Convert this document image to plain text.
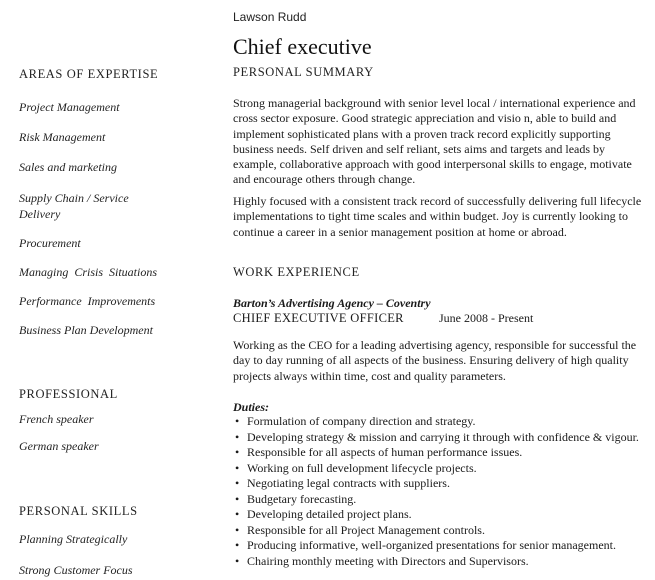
Lawson Rudd
Chief executive
AREAS OF EXPERTISE
Project Management
Risk Management
Sales and marketing
Supply Chain / Service Delivery
Procurement
Managing  Crisis  Situations
Performance  Improvements
Business Plan Development
PROFESSIONAL
French speaker
German speaker
PERSONAL SKILLS
Planning Strategically
Strong Customer Focus
PERSONAL SUMMARY
Strong managerial background with senior level local / international experience and cross sector exposure. Good strategic appreciation and visio n, able to build and implement sophisticated plans with a proven track record explicitly supporting business needs. Self driven and self reliant, sets aims and targets and leads by example, collaborative approach with good interpersonal skills to engage, motivate and encourage others through change.
Highly focused with a consistent track record of successfully delivering full lifecycle implementations to tight time scales and within budget. Joy is currently looking to continue a career in a senior management position at home or abroad.
WORK EXPERIENCE
Barton’s Advertising Agency – Coventry
CHIEF EXECUTIVE OFFICER	June 2008 - Present
Working as the CEO for a leading advertising agency, responsible for successful the day to day running of all aspects of the business. Ensuring delivery of high quality projects always within time, cost and quality parameters.
Duties:
• Formulation of company direction and strategy.
• Developing strategy & mission and carrying it through with confidence & vigour.
• Responsible for all aspects of human performance issues.
• Working on full development lifecycle projects.
• Negotiating legal contracts with suppliers.
• Budgetary forecasting.
• Developing detailed project plans.
• Responsible for all Project Management controls.
• Producing informative, well-organized presentations for senior management.
• Chairing monthly meeting with Directors and Supervisors.
